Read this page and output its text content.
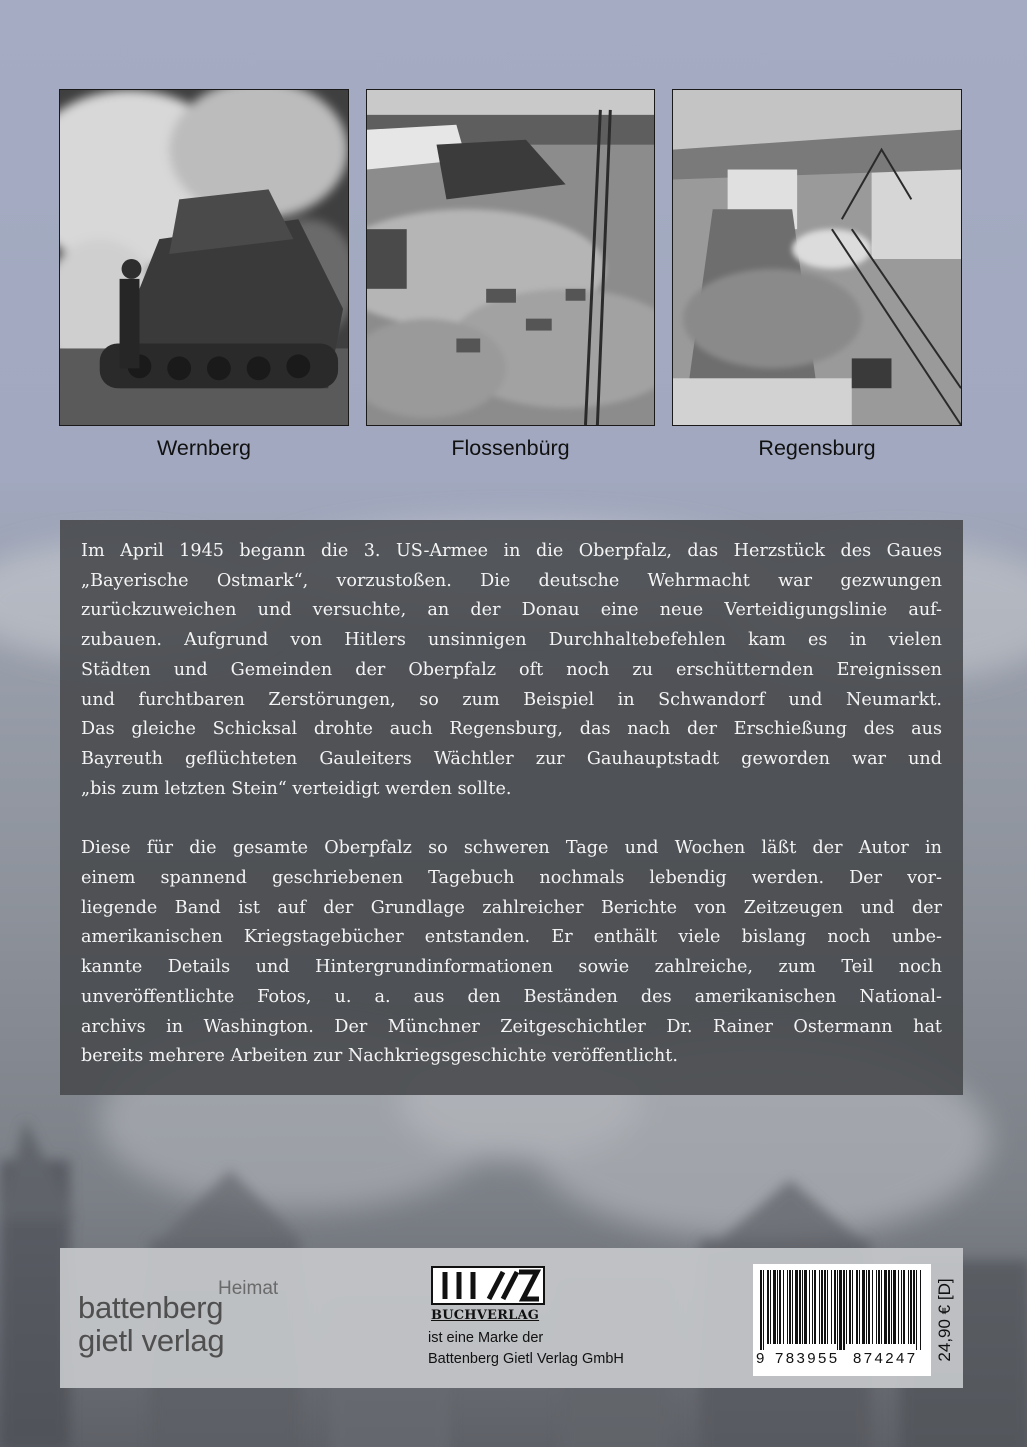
Wernberg	Flossenbürg	Regensburg

Im April 1945 begann die 3. US-Armee in die Oberpfalz, das Herzstück des Gaues
„Bayerische Ostmark“, vorzustoßen. Die deutsche Wehrmacht war gezwungen
zurückzuweichen und versuchte, an der Donau eine neue Verteidigungslinie auf-
zubauen. Aufgrund von Hitlers unsinnigen Durchhaltebefehlen kam es in vielen
Städten und Gemeinden der Oberpfalz oft noch zu erschütternden Ereignissen
und furchtbaren Zerstörungen, so zum Beispiel in Schwandorf und Neumarkt.
Das gleiche Schicksal drohte auch Regensburg, das nach der Erschießung des aus
Bayreuth geflüchteten Gauleiters Wächtler zur Gauhauptstadt geworden war und
„bis zum letzten Stein“ verteidigt werden sollte.

Diese für die gesamte Oberpfalz so schweren Tage und Wochen läßt der Autor in
einem spannend geschriebenen Tagebuch nochmals lebendig werden. Der vor-
liegende Band ist auf der Grundlage zahlreicher Berichte von Zeitzeugen und der
amerikanischen Kriegstagebücher entstanden. Er enthält viele bislang noch unbe-
kannte Details und Hintergrundinformationen sowie zahlreiche, zum Teil noch
unveröffentlichte Fotos, u. a. aus den Beständen des amerikanischen National-
archivs in Washington. Der Münchner Zeitgeschichtler Dr. Rainer Ostermann hat
bereits mehrere Arbeiten zur Nachkriegsgeschichte veröffentlicht.

Heimat
battenberg
gietl verlag
BUCHVERLAG
ist eine Marke der
Battenberg Gietl Verlag GmbH	9 783955 874247 24,90 € [D]
